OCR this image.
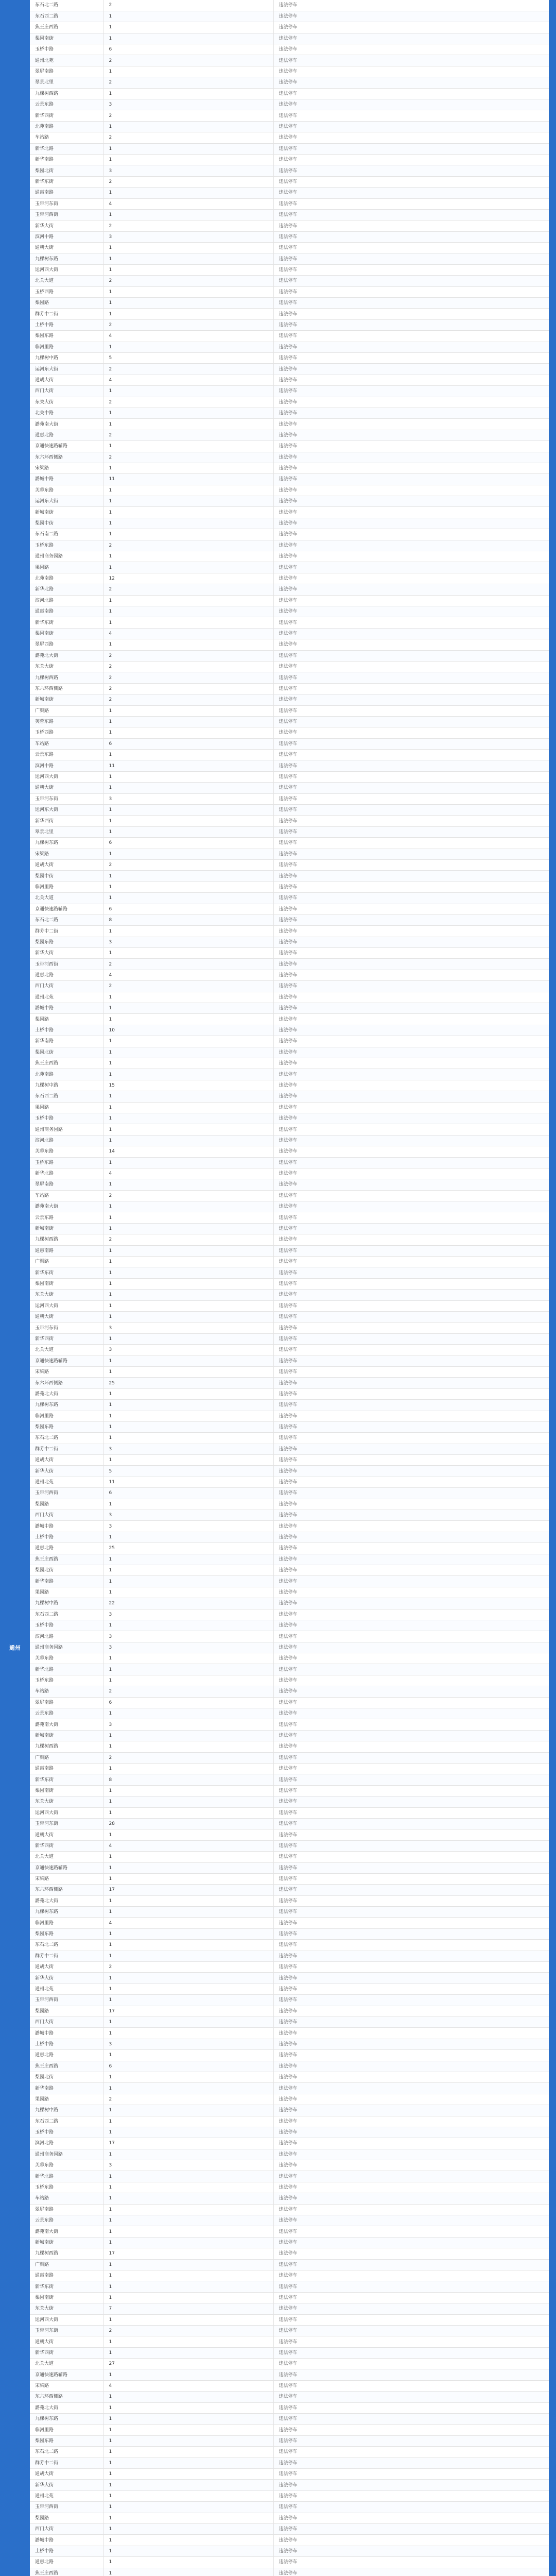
通州
东石北二路	2	违法停车
东石西二路	1	违法停车
焦王庄西路	1	违法停车
梨园南街	1	违法停车
玉桥中路	6	违法停车
通州北苑	2	违法停车
翠屏南路	1	违法停车
翠景北里	2	违法停车
九棵树西路	1	违法停车
云景东路	3	违法停车
新华西街	2	违法停车
北苑南路	1	违法停车
车站路	2	违法停车
新华北路	1	违法停车
新华南路	1	违法停车
梨园北街	3	违法停车
新华东街	2	违法停车
通惠南路	1	违法停车
玉带河东街	4	违法停车
玉带河西街	1	违法停车
新华大街	2	违法停车
滨河中路	3	违法停车
通朝大街	1	违法停车
九棵树东路	1	违法停车
运河西大街	1	违法停车
北关大道	2	违法停车
玉桥西路	1	违法停车
梨园路	1	违法停车
群芳中二街	1	违法停车
土桥中路	2	违法停车
梨园东路	4	违法停车
临河里路	1	违法停车
九棵树中路	5	违法停车
运河东大街	2	违法停车
通胡大街	4	违法停车
西门大街	1	违法停车
东关大街	2	违法停车
北关中路	1	违法停车
潞苑南大街	1	违法停车
通惠北路	2	违法停车
京通快速路辅路	1	违法停车
东六环西侧路	2	违法停车
宋梁路	1	违法停车
潞城中路	11	违法停车
芙蓉东路	1	违法停车
运河东大街	1	违法停车
新城南街	1	违法停车
梨园中街	1	违法停车
东石南二路	1	违法停车
玉桥东路	2	违法停车
通州商务园路	1	违法停车
果园路	1	违法停车
北苑南路	12	违法停车
新华北路	2	违法停车
滨河北路	1	违法停车
通惠南路	1	违法停车
新华东街	1	违法停车
梨园南街	4	违法停车
翠屏西路	1	违法停车
潞苑北大街	2	违法停车
东关大街	2	违法停车
九棵树西路	2	违法停车
东六环西侧路	2	违法停车
新城南街	2	违法停车
广渠路	1	违法停车
芙蓉东路	1	违法停车
玉桥西路	1	违法停车
车站路	6	违法停车
云景东路	1	违法停车
滨河中路	11	违法停车
运河西大街	1	违法停车
通朝大街	1	违法停车
玉带河东街	3	违法停车
运河东大街	1	违法停车
新华西街	1	违法停车
翠景北里	1	违法停车
九棵树东路	6	违法停车
宋梁路	1	违法停车
通胡大街	2	违法停车
梨园中街	1	违法停车
临河里路	1	违法停车
北关大道	1	违法停车
京通快速路辅路	6	违法停车
东石北二路	8	违法停车
群芳中二街	1	违法停车
梨园东路	3	违法停车
新华大街	1	违法停车
玉带河西街	2	违法停车
通惠北路	4	违法停车
西门大街	2	违法停车
通州北苑	1	违法停车
潞城中路	1	违法停车
梨园路	1	违法停车
土桥中路	10	违法停车
新华南路	1	违法停车
梨园北街	1	违法停车
焦王庄西路	1	违法停车
北苑南路	1	违法停车
九棵树中路	15	违法停车
东石西二路	1	违法停车
果园路	1	违法停车
玉桥中路	1	违法停车
通州商务园路	1	违法停车
滨河北路	1	违法停车
芙蓉东路	14	违法停车
玉桥东路	1	违法停车
新华北路	4	违法停车
翠屏南路	1	违法停车
车站路	2	违法停车
潞苑南大街	1	违法停车
云景东路	1	违法停车
新城南街	1	违法停车
九棵树西路	2	违法停车
通惠南路	1	违法停车
广渠路	1	违法停车
新华东街	1	违法停车
梨园南街	1	违法停车
东关大街	1	违法停车
运河西大街	1	违法停车
通朝大街	1	违法停车
玉带河东街	3	违法停车
新华西街	1	违法停车
北关大道	3	违法停车
京通快速路辅路	1	违法停车
宋梁路	1	违法停车
东六环西侧路	25	违法停车
潞苑北大街	1	违法停车
九棵树东路	1	违法停车
临河里路	1	违法停车
梨园东路	1	违法停车
东石北二路	1	违法停车
群芳中二街	3	违法停车
通胡大街	1	违法停车
新华大街	5	违法停车
通州北苑	11	违法停车
玉带河西街	6	违法停车
梨园路	1	违法停车
西门大街	3	违法停车
潞城中路	3	违法停车
土桥中路	1	违法停车
通惠北路	25	违法停车
焦王庄西路	1	违法停车
梨园北街	1	违法停车
新华南路	1	违法停车
果园路	1	违法停车
九棵树中路	22	违法停车
东石西二路	3	违法停车
玉桥中路	1	违法停车
滨河北路	3	违法停车
通州商务园路	3	违法停车
芙蓉东路	1	违法停车
新华北路	1	违法停车
玉桥东路	1	违法停车
车站路	2	违法停车
翠屏南路	6	违法停车
云景东路	1	违法停车
潞苑南大街	3	违法停车
新城南街	1	违法停车
九棵树西路	1	违法停车
广渠路	2	违法停车
通惠南路	1	违法停车
新华东街	8	违法停车
梨园南街	1	违法停车
东关大街	1	违法停车
运河西大街	1	违法停车
玉带河东街	28	违法停车
通朝大街	1	违法停车
新华西街	4	违法停车
北关大道	1	违法停车
京通快速路辅路	1	违法停车
宋梁路	1	违法停车
东六环西侧路	17	违法停车
潞苑北大街	1	违法停车
九棵树东路	1	违法停车
临河里路	4	违法停车
梨园东路	1	违法停车
东石北二路	1	违法停车
群芳中二街	1	违法停车
通胡大街	2	违法停车
新华大街	1	违法停车
通州北苑	1	违法停车
玉带河西街	1	违法停车
梨园路	17	违法停车
西门大街	1	违法停车
潞城中路	1	违法停车
土桥中路	3	违法停车
通惠北路	1	违法停车
焦王庄西路	6	违法停车
梨园北街	1	违法停车
新华南路	1	违法停车
果园路	2	违法停车
九棵树中路	1	违法停车
东石西二路	1	违法停车
玉桥中路	1	违法停车
滨河北路	17	违法停车
通州商务园路	1	违法停车
芙蓉东路	3	违法停车
新华北路	1	违法停车
玉桥东路	1	违法停车
车站路	1	违法停车
翠屏南路	1	违法停车
云景东路	1	违法停车
潞苑南大街	1	违法停车
新城南街	1	违法停车
九棵树西路	17	违法停车
广渠路	1	违法停车
通惠南路	1	违法停车
新华东街	1	违法停车
梨园南街	1	违法停车
东关大街	7	违法停车
运河西大街	1	违法停车
玉带河东街	2	违法停车
通朝大街	1	违法停车
新华西街	1	违法停车
北关大道	27	违法停车
京通快速路辅路	1	违法停车
宋梁路	4	违法停车
东六环西侧路	1	违法停车
潞苑北大街	1	违法停车
九棵树东路	1	违法停车
临河里路	1	违法停车
梨园东路	1	违法停车
东石北二路	1	违法停车
群芳中二街	1	违法停车
通胡大街	1	违法停车
新华大街	1	违法停车
通州北苑	1	违法停车
玉带河西街	1	违法停车
梨园路	1	违法停车
西门大街	1	违法停车
潞城中路	1	违法停车
土桥中路	1	违法停车
通惠北路	1	违法停车
焦王庄西路	1	违法停车
